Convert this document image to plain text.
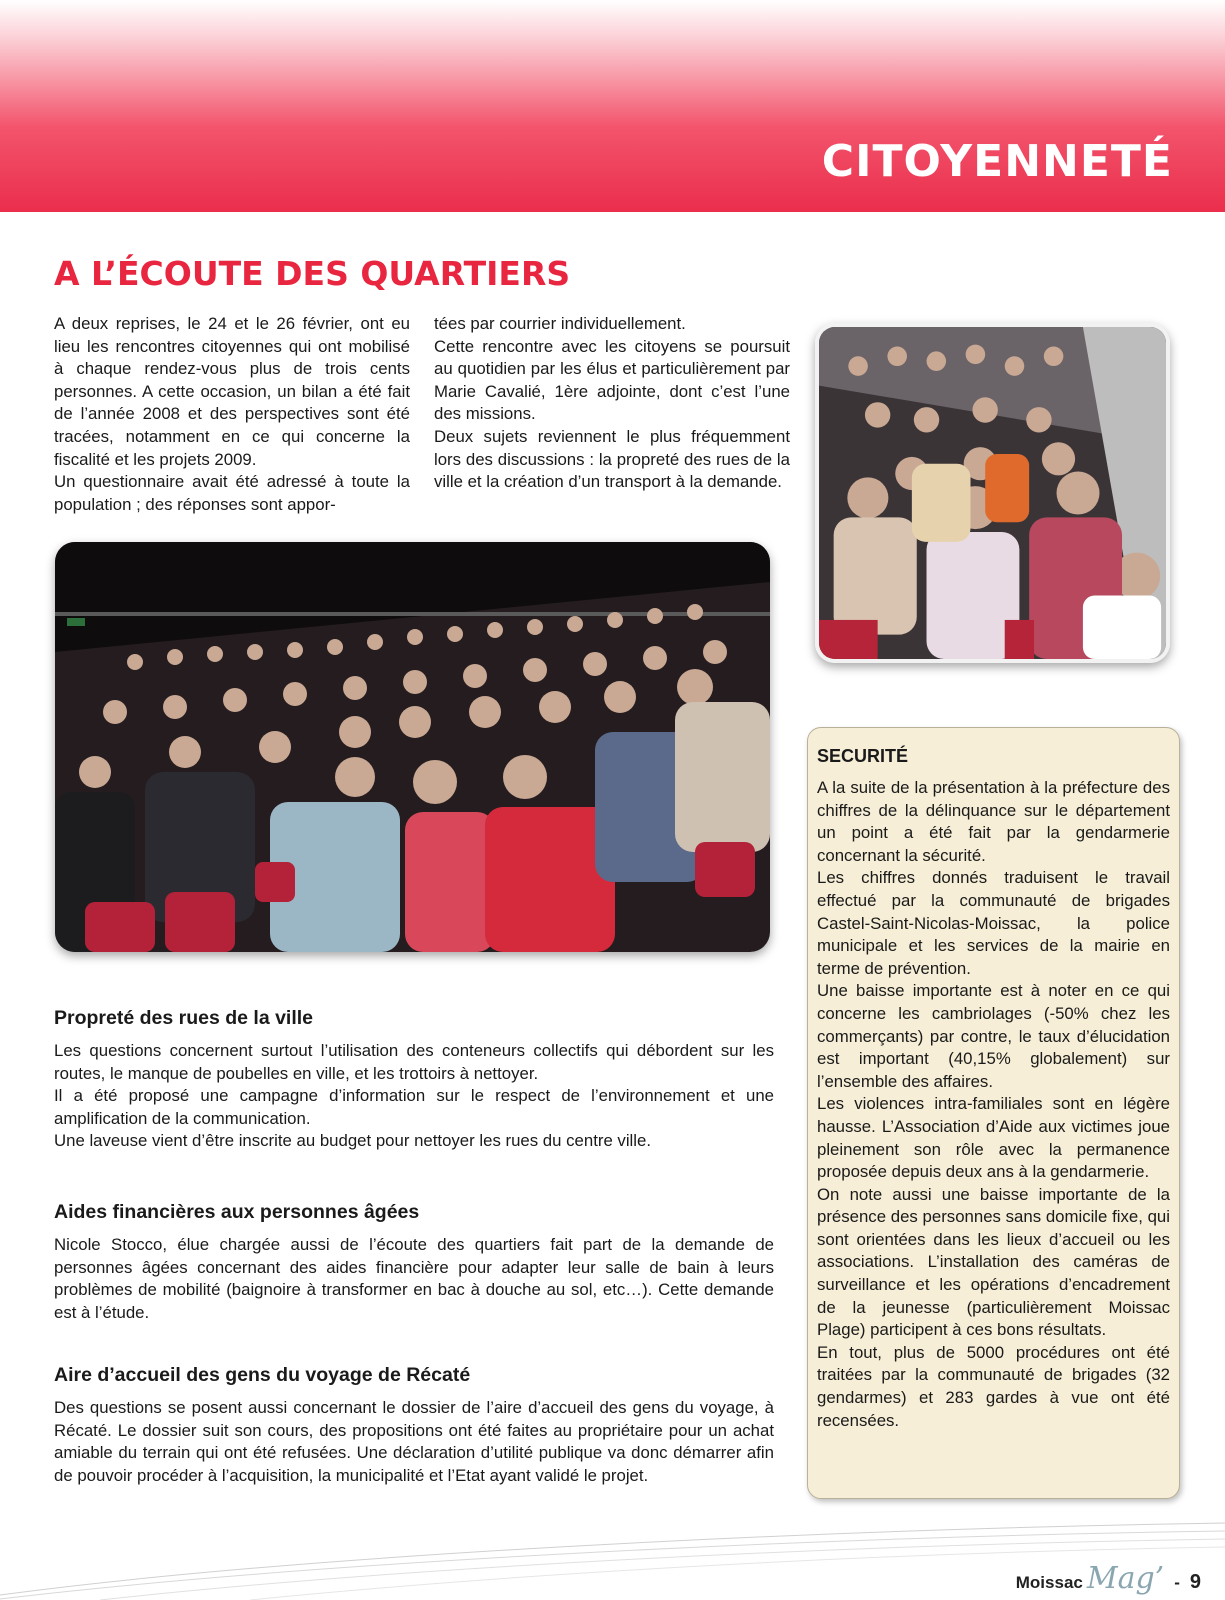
CITOYENNETÉ
A L’ÉCOUTE DES QUARTIERS

A deux reprises, le 24 et le 26 février, ont eu lieu les rencontres citoyennes qui ont mobilisé à chaque rendez-vous plus de trois cents personnes. A cette occasion, un bilan a été fait de l’année 2008 et des perspectives sont été tracées, notamment en ce qui concerne la fiscalité et les projets 2009.

Un questionnaire avait été adressé à toute la population ; des réponses sont appor-

tées par courrier individuellement.

Cette rencontre avec les citoyens se poursuit au quotidien par les élus et particulièrement par Marie Cavalié, 1ère adjointe, dont c’est l’une des missions.

Deux sujets reviennent le plus fréquemment lors des discussions : la propreté des rues de la ville et la création d’un transport à la demande.

Propreté des rues de la ville

Les questions concernent surtout l’utilisation des conteneurs collectifs qui débordent sur les routes, le manque de poubelles en ville, et les trottoirs à nettoyer.

Il a été proposé une campagne d’information sur le respect de l’environnement et une amplification de la communication.

Une laveuse vient d’être inscrite au budget pour nettoyer les rues du centre ville.

Aides financières aux personnes âgées

Nicole Stocco, élue chargée aussi de l’écoute des quartiers fait part de la demande de personnes âgées concernant des aides financière pour adapter leur salle de bain à leurs problèmes de mobilité (baignoire à transformer en bac à douche au sol, etc…). Cette demande est à l’étude.

Aire d’accueil des gens du voyage de Récaté

Des questions se posent aussi concernant le dossier de l’aire d’accueil des gens du voyage, à Récaté. Le dossier suit son cours, des propositions ont été faites au propriétaire pour un achat amiable du terrain qui ont été refusées. Une déclaration d’utilité publique va donc démarrer afin de pouvoir procéder à l’acquisition, la municipalité et l’Etat ayant validé le projet.

SECURITÉ

A la suite de la présentation à la préfecture des chiffres de la délinquance sur le département un point a été fait par la gendarmerie concernant la sécurité.

Les chiffres donnés traduisent le travail effectué par la communauté de brigades Castel-Saint-Nicolas-Moissac, la police municipale et les services de la mairie en terme de prévention.

Une baisse importante est à noter en ce qui concerne les cambriolages (-50% chez les commerçants) par contre, le taux d’élucidation est important (40,15% globalement) sur l’ensemble des affaires.

Les violences intra-familiales sont en légère hausse. L’Association d’Aide aux victimes joue pleinement son rôle avec la permanence proposée depuis deux ans à la gendarmerie.

On note aussi une baisse importante de la présence des personnes sans domicile fixe, qui sont orientées dans les lieux d’accueil ou les associations. L’installation des caméras de surveillance et les opérations d’encadrement de la jeunesse (particulièrement Moissac Plage) participent à ces bons résultats.

En tout, plus de 5000 procédures ont été traitées par la communauté de brigades (32 gendarmes) et 283 gardes à vue ont été recensées.

Moissac Mag’ - 9
